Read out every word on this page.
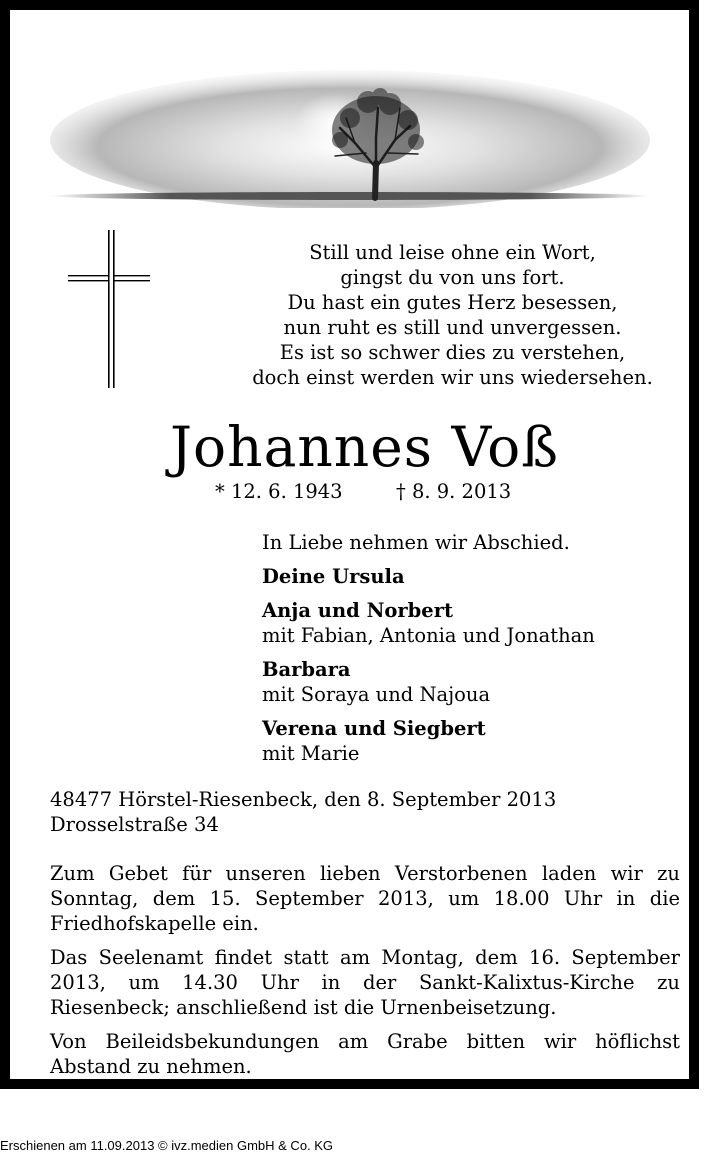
Still und leise ohne ein Wort,
gingst du von uns fort.
Du hast ein gutes Herz besessen,
nun ruht es still und unvergessen.
Es ist so schwer dies zu verstehen,
doch einst werden wir uns wiedersehen.
Johannes Voß
* 12. 6. 1943	† 8. 9. 2013
In Liebe nehmen wir Abschied.
Deine Ursula
Anja und Norbert
mit Fabian, Antonia und Jonathan
Barbara
mit Soraya und Najoua
Verena und Siegbert
mit Marie
48477 Hörstel-Riesenbeck, den 8. September 2013
Drosselstraße 34

Zum Gebet für unseren lieben Verstorbenen laden wir zu Sonntag, dem 15. September 2013, um 18.00 Uhr in die Friedhofskapelle ein.

Das Seelenamt findet statt am Montag, dem 16. September 2013, um 14.30 Uhr in der Sankt-Kalixtus-Kirche zu Riesenbeck; anschließend ist die Urnenbeisetzung.

Von Beileidsbekundungen am Grabe bitten wir höflichst Abstand zu nehmen.

Erschienen am 11.09.2013 © ivz.medien GmbH & Co. KG
